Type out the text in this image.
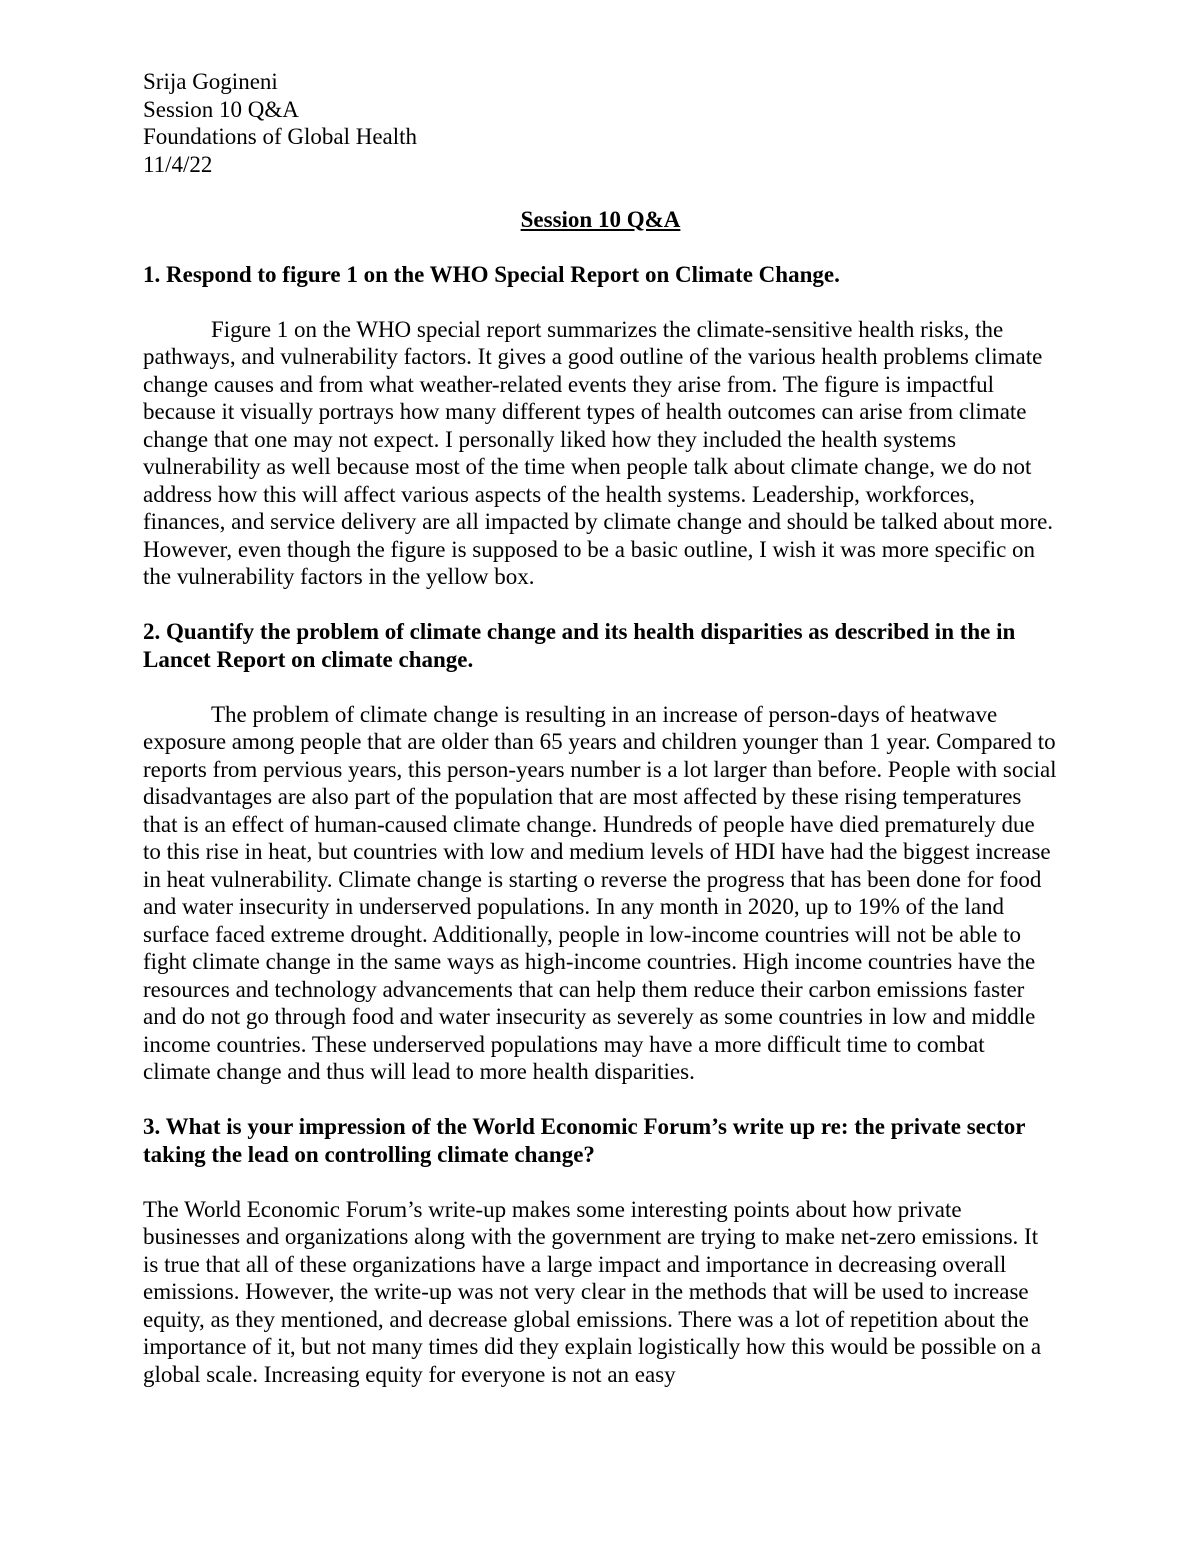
Srija Gogineni
Session 10 Q&A
Foundations of Global Health
11/4/22
Session 10 Q&A
1. Respond to figure 1 on the WHO Special Report on Climate Change.

Figure 1 on the WHO special report summarizes the climate-sensitive health risks, the pathways, and vulnerability factors. It gives a good outline of the various health problems climate change causes and from what weather-related events they arise from. The figure is impactful because it visually portrays how many different types of health outcomes can arise from climate change that one may not expect. I personally liked how they included the health systems vulnerability as well because most of the time when people talk about climate change, we do not address how this will affect various aspects of the health systems. Leadership, workforces, finances, and service delivery are all impacted by climate change and should be talked about more. However, even though the figure is supposed to be a basic outline, I wish it was more specific on the vulnerability factors in the yellow box.

2. Quantify the problem of climate change and its health disparities as described in the in Lancet Report on climate change.

The problem of climate change is resulting in an increase of person-days of heatwave exposure among people that are older than 65 years and children younger than 1 year. Compared to reports from pervious years, this person-years number is a lot larger than before. People with social disadvantages are also part of the population that are most affected by these rising temperatures that is an effect of human-caused climate change. Hundreds of people have died prematurely due to this rise in heat, but countries with low and medium levels of HDI have had the biggest increase in heat vulnerability. Climate change is starting o reverse the progress that has been done for food and water insecurity in underserved populations. In any month in 2020, up to 19% of the land surface faced extreme drought. Additionally, people in low-income countries will not be able to fight climate change in the same ways as high-income countries. High income countries have the resources and technology advancements that can help them reduce their carbon emissions faster and do not go through food and water insecurity as severely as some countries in low and middle income countries. These underserved populations may have a more difficult time to combat climate change and thus will lead to more health disparities.

3. What is your impression of the World Economic Forum’s write up re: the private sector taking the lead on controlling climate change?

The World Economic Forum’s write-up makes some interesting points about how private businesses and organizations along with the government are trying to make net-zero emissions. It is true that all of these organizations have a large impact and importance in decreasing overall emissions. However, the write-up was not very clear in the methods that will be used to increase equity, as they mentioned, and decrease global emissions. There was a lot of repetition about the importance of it, but not many times did they explain logistically how this would be possible on a global scale. Increasing equity for everyone is not an easy
